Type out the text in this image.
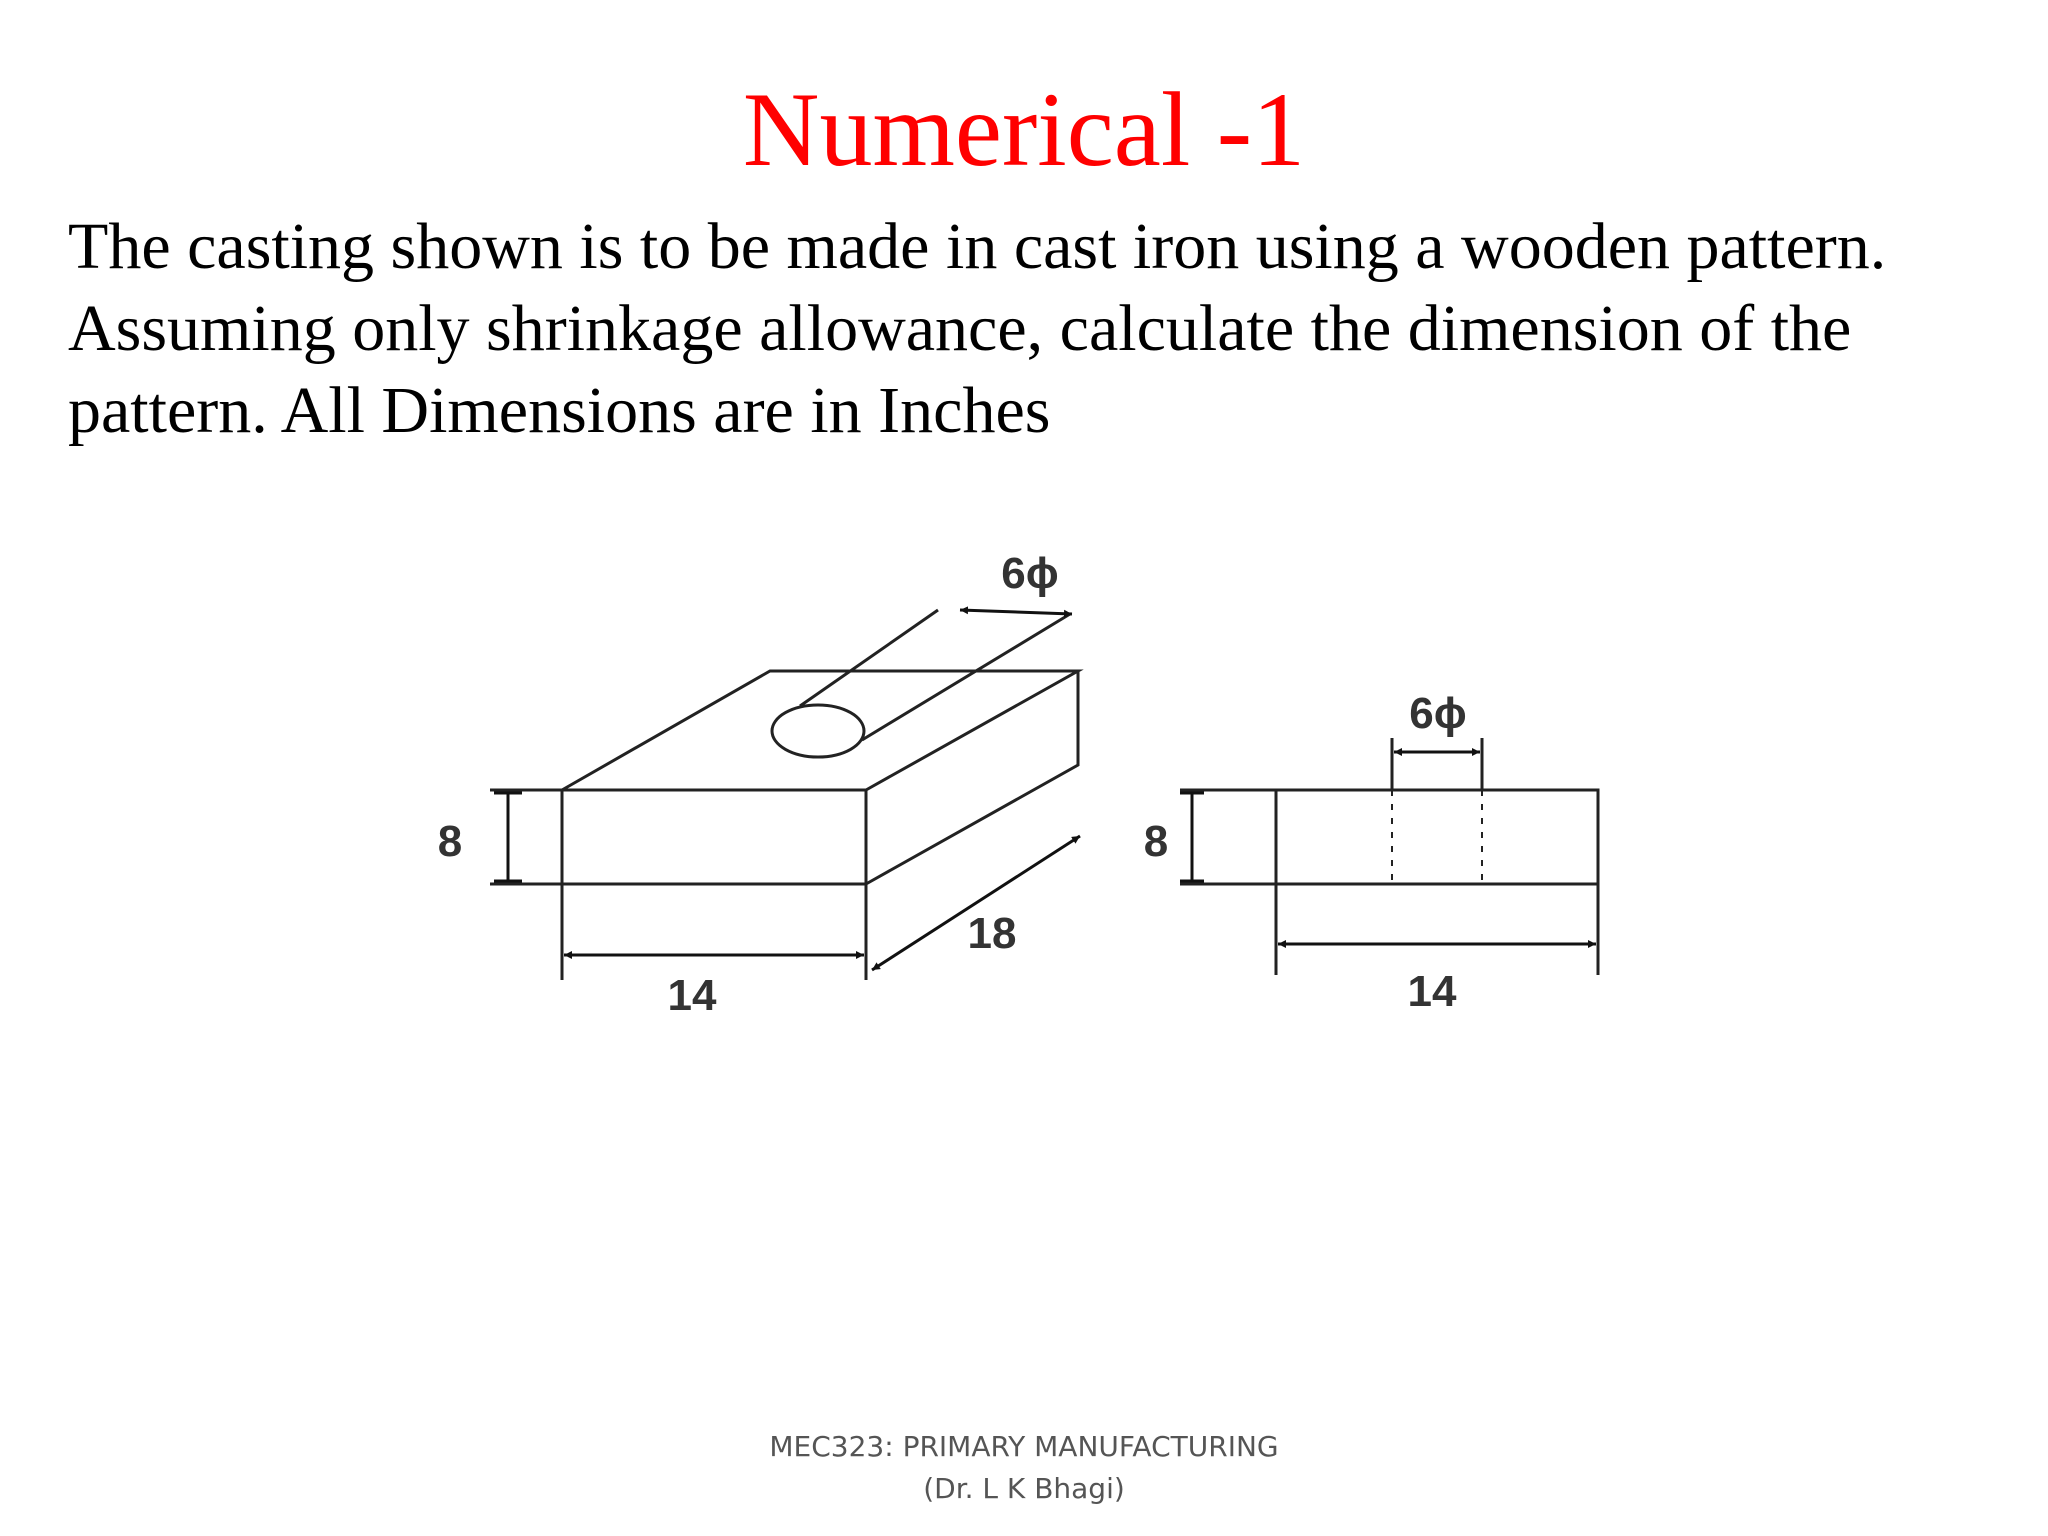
Numerical -1

The casting shown is to be made in cast iron using a wooden pattern.
Assuming only shrinkage allowance, calculate the dimension of the
pattern. All Dimensions are in Inches

8
14
18
6ϕ
8
14
6ϕ
MEC323: PRIMARY MANUFACTURING
(Dr. L K Bhagi)
